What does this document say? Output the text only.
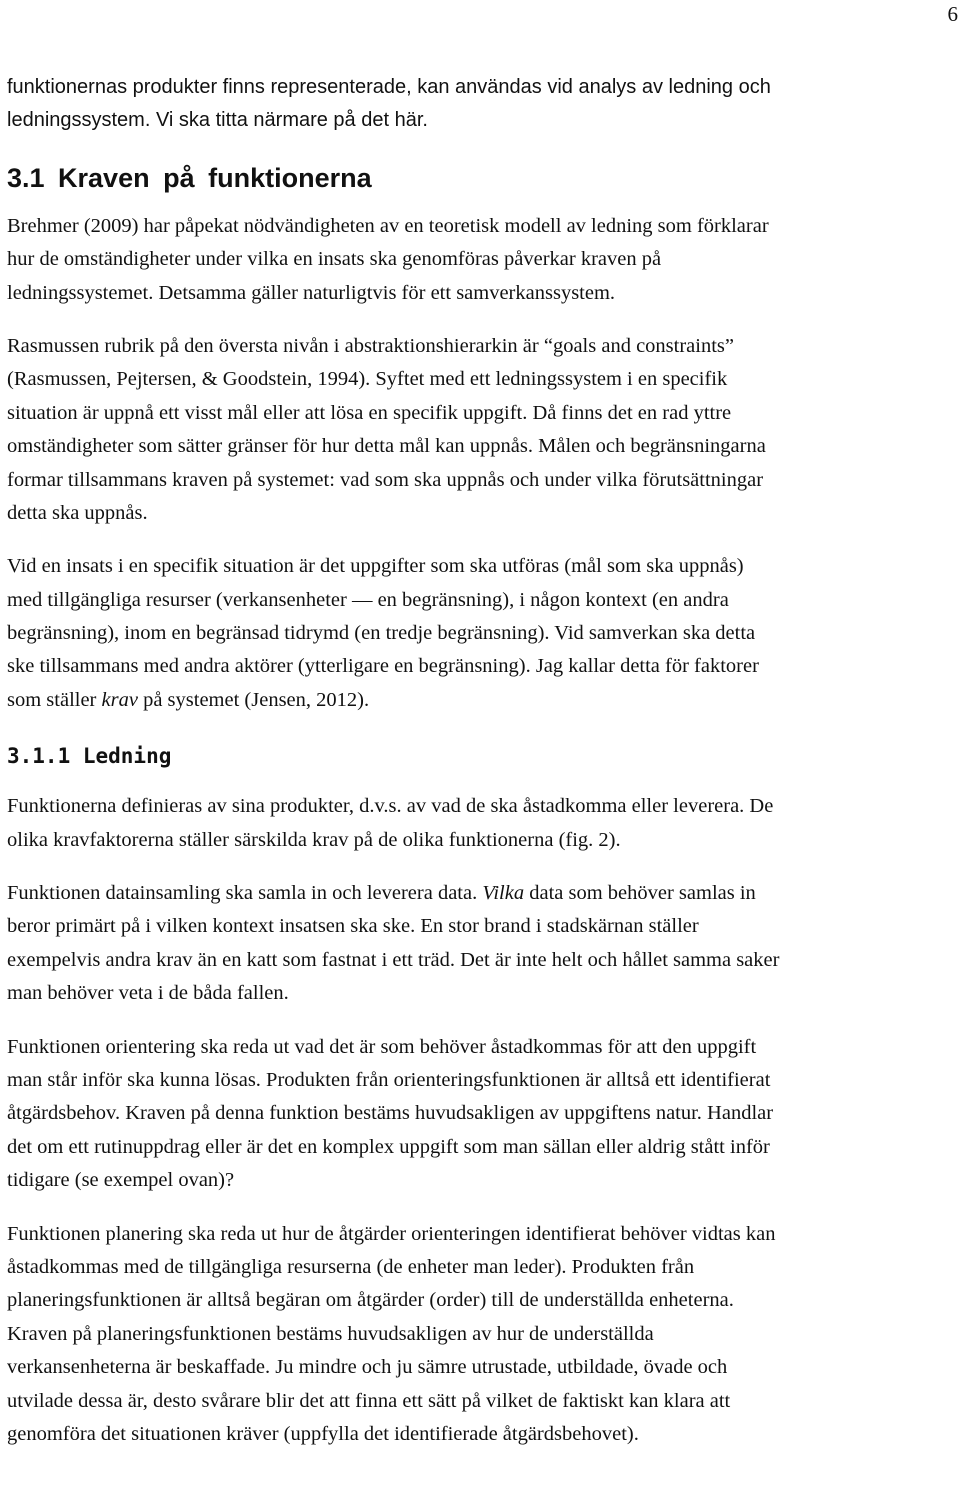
6

funktionernas produkter finns representerade, kan användas vid analys av ledning och
ledningssystem. Vi ska titta närmare på det här.

3.1 Kraven på funktionerna

Brehmer (2009) har påpekat nödvändigheten av en teoretisk modell av ledning som förklarar
hur de omständigheter under vilka en insats ska genomföras påverkar kraven på
ledningssystemet. Detsamma gäller naturligtvis för ett samverkanssystem.

Rasmussen rubrik på den översta nivån i abstraktionshierarkin är “goals and constraints”
(Rasmussen, Pejtersen, & Goodstein, 1994). Syftet med ett ledningssystem i en specifik
situation är uppnå ett visst mål eller att lösa en specifik uppgift. Då finns det en rad yttre
omständigheter som sätter gränser för hur detta mål kan uppnås. Målen och begränsningarna
formar tillsammans kraven på systemet: vad som ska uppnås och under vilka förutsättningar
detta ska uppnås.

Vid en insats i en specifik situation är det uppgifter som ska utföras (mål som ska uppnås)
med tillgängliga resurser (verkansenheter — en begränsning), i någon kontext (en andra
begränsning), inom en begränsad tidrymd (en tredje begränsning). Vid samverkan ska detta
ske tillsammans med andra aktörer (ytterligare en begränsning). Jag kallar detta för faktorer
som ställer krav på systemet (Jensen, 2012).

3.1.1 Ledning

Funktionerna definieras av sina produkter, d.v.s. av vad de ska åstadkomma eller leverera. De
olika kravfaktorerna ställer särskilda krav på de olika funktionerna (fig. 2).

Funktionen datainsamling ska samla in och leverera data. Vilka data som behöver samlas in
beror primärt på i vilken kontext insatsen ska ske. En stor brand i stadskärnan ställer
exempelvis andra krav än en katt som fastnat i ett träd. Det är inte helt och hållet samma saker
man behöver veta i de båda fallen.

Funktionen orientering ska reda ut vad det är som behöver åstadkommas för att den uppgift
man står inför ska kunna lösas. Produkten från orienteringsfunktionen är alltså ett identifierat
åtgärdsbehov. Kraven på denna funktion bestäms huvudsakligen av uppgiftens natur. Handlar
det om ett rutinuppdrag eller är det en komplex uppgift som man sällan eller aldrig stått inför
tidigare (se exempel ovan)?

Funktionen planering ska reda ut hur de åtgärder orienteringen identifierat behöver vidtas kan
åstadkommas med de tillgängliga resurserna (de enheter man leder). Produkten från
planeringsfunktionen är alltså begäran om åtgärder (order) till de underställda enheterna.
Kraven på planeringsfunktionen bestäms huvudsakligen av hur de underställda
verkansenheterna är beskaffade. Ju mindre och ju sämre utrustade, utbildade, övade och
utvilade dessa är, desto svårare blir det att finna ett sätt på vilket de faktiskt kan klara att
genomföra det situationen kräver (uppfylla det identifierade åtgärdsbehovet).
